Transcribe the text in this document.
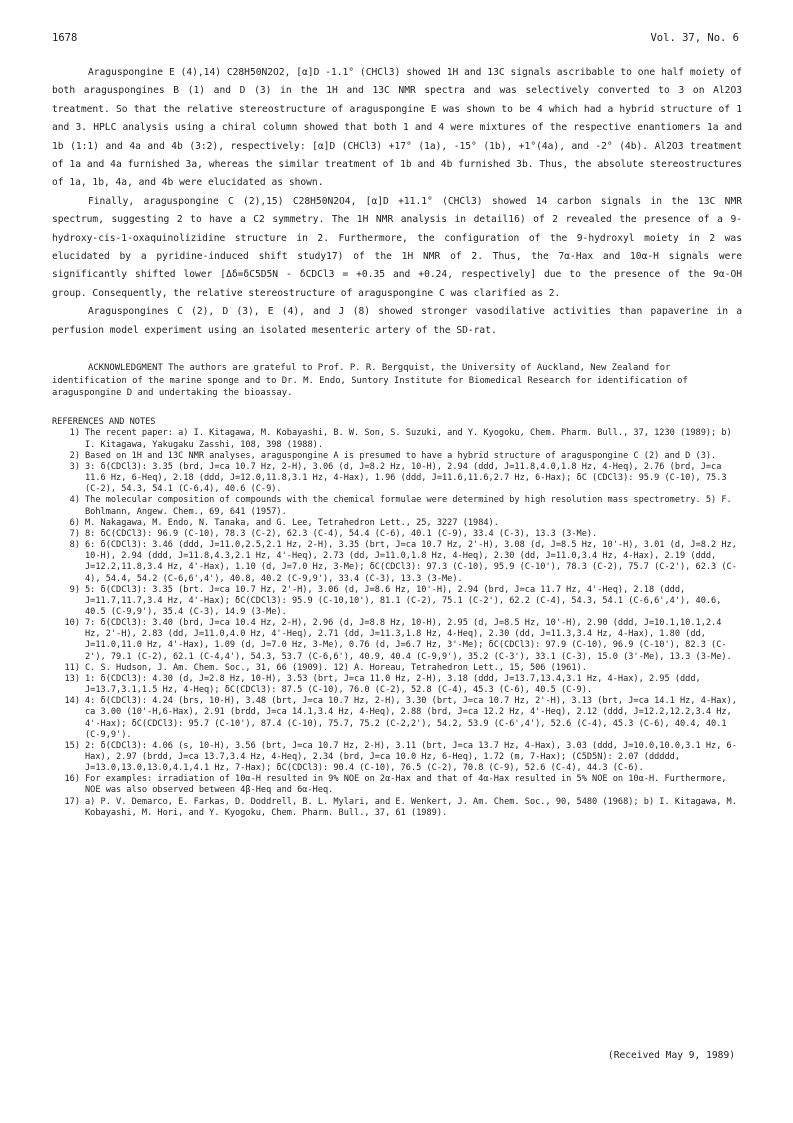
1678	Vol. 37, No. 6

Araguspongine E (4),14) C28H50N2O2, [α]D -1.1° (CHCl3) showed 1H and 13C signals ascribable to one half moiety of both araguspongines B (1) and D (3) in the 1H and 13C NMR spectra and was selectively converted to 3 on Al2O3 treatment. So that the relative stereostructure of araguspongine E was shown to be 4 which had a hybrid structure of 1 and 3. HPLC analysis using a chiral column showed that both 1 and 4 were mixtures of the respective enantiomers 1a and 1b (1:1) and 4a and 4b (3:2), respectively: [α]D (CHCl3) +17° (1a), -15° (1b), +1°(4a), and -2° (4b). Al2O3 treatment of 1a and 4a furnished 3a, whereas the similar treatment of 1b and 4b furnished 3b. Thus, the absolute stereostructures of 1a, 1b, 4a, and 4b were elucidated as shown.

Finally, araguspongine C (2),15) C28H50N2O4, [α]D +11.1° (CHCl3) showed 14 carbon signals in the 13C NMR spectrum, suggesting 2 to have a C2 symmetry. The 1H NMR analysis in detail16) of 2 revealed the presence of a 9-hydroxy-cis-1-oxaquinolizidine structure in 2. Furthermore, the configuration of the 9-hydroxyl moiety in 2 was elucidated by a pyridine-induced shift study17) of the 1H NMR of 2. Thus, the 7α-Hax and 10α-H signals were significantly shifted lower [Δδ=δC5D5N - δCDCl3 = +0.35 and +0.24, respectively] due to the presence of the 9α-OH group. Consequently, the relative stereostructure of araguspongine C was clarified as 2.

Araguspongines C (2), D (3), E (4), and J (8) showed stronger vasodilative activities than papaverine in a perfusion model experiment using an isolated mesenteric artery of the SD-rat.

ACKNOWLEDGMENT The authors are grateful to Prof. P. R. Bergquist, the University of Auckland, New Zealand for identification of the marine sponge and to Dr. M. Endo, Suntory Institute for Biomedical Research for identification of araguspongine D and undertaking the bioassay.
REFERENCES AND NOTES
1) The recent paper: a) I. Kitagawa, M. Kobayashi, B. W. Son, S. Suzuki, and Y. Kyogoku, Chem. Pharm. Bull., 37, 1230 (1989); b) I. Kitagawa, Yakugaku Zasshi, 108, 398 (1988).
2) Based on 1H and 13C NMR analyses, araguspongine A is presumed to have a hybrid structure of araguspongine C (2) and D (3).
3) 3: δ(CDCl3): 3.35 (brd, J=ca 10.7 Hz, 2-H), 3.06 (d, J=8.2 Hz, 10-H), 2.94 (ddd, J=11.8,4.0,1.8 Hz, 4-Heq), 2.76 (brd, J=ca 11.6 Hz, 6-Heq), 2.18 (ddd, J=12.0,11.8,3.1 Hz, 4-Hax), 1.96 (ddd, J=11.6,11.6,2.7 Hz, 6-Hax); δC (CDCl3): 95.9 (C-10), 75.3 (C-2), 54.3, 54.1 (C-6,4), 40.6 (C-9).
4) The molecular composition of compounds with the chemical formulae were determined by high resolution mass spectrometry. 5) F. Bohlmann, Angew. Chem., 69, 641 (1957).
6) M. Nakagawa, M. Endo, N. Tanaka, and G. Lee, Tetrahedron Lett., 25, 3227 (1984).
7) 8: δC(CDCl3): 96.9 (C-10), 78.3 (C-2), 62.3 (C-4), 54.4 (C-6), 40.1 (C-9), 33.4 (C-3), 13.3 (3-Me).
8) 6: δ(CDCl3): 3.46 (ddd, J=11.0,2.5,2.1 Hz, 2-H), 3.35 (brt, J=ca 10.7 Hz, 2'-H), 3.08 (d, J=8.5 Hz, 10'-H), 3.01 (d, J=8.2 Hz, 10-H), 2.94 (ddd, J=11.8,4.3,2.1 Hz, 4'-Heq), 2.73 (dd, J=11.0,1.8 Hz, 4-Heq), 2.30 (dd, J=11.0,3.4 Hz, 4-Hax), 2.19 (ddd, J=12.2,11.8,3.4 Hz, 4'-Hax), 1.10 (d, J=7.0 Hz, 3-Me); δC(CDCl3): 97.3 (C-10), 95.9 (C-10'), 78.3 (C-2), 75.7 (C-2'), 62.3 (C-4), 54.4, 54.2 (C-6,6',4'), 40.8, 40.2 (C-9,9'), 33.4 (C-3), 13.3 (3-Me).
9) 5: δ(CDCl3): 3.35 (brt. J=ca 10.7 Hz, 2'-H), 3.06 (d, J=8.6 Hz, 10'-H), 2.94 (brd, J=ca 11.7 Hz, 4'-Heq), 2.18 (ddd, J=11.7,11.7,3.4 Hz, 4'-Hax); δC(CDCl3): 95.9 (C-10,10'), 81.1 (C-2), 75.1 (C-2'), 62.2 (C-4), 54.3, 54.1 (C-6,6',4'), 40.6, 40.5 (C-9,9'), 35.4 (C-3), 14.9 (3-Me).
10) 7: δ(CDCl3): 3.40 (brd, J=ca 10.4 Hz, 2-H), 2.96 (d, J=8.8 Hz, 10-H), 2.95 (d, J=8.5 Hz, 10'-H), 2.90 (ddd, J=10.1,10.1,2.4 Hz, 2'-H), 2.83 (dd, J=11.0,4.0 Hz, 4'-Heq), 2.71 (dd, J=11.3,1.8 Hz, 4-Heq), 2.30 (dd, J=11.3,3.4 Hz, 4-Hax), 1.80 (dd, J=11.0,11.0 Hz, 4'-Hax), 1.09 (d, J=7.0 Hz, 3-Me), 0.76 (d, J=6.7 Hz, 3'-Me); δC(CDCl3): 97.9 (C-10), 96.9 (C-10'), 82.3 (C-2'), 79.1 (C-2), 62.1 (C-4,4'), 54.3, 53.7 (C-6,6'), 40.9, 40.4 (C-9,9'), 35.2 (C-3'), 33.1 (C-3), 15.0 (3'-Me), 13.3 (3-Me).
11) C. S. Hudson, J. Am. Chem. Soc., 31, 66 (1909). 12) A. Horeau, Tetrahedron Lett., 15, 506 (1961).
13) 1: δ(CDCl3): 4.30 (d, J=2.8 Hz, 10-H), 3.53 (brt, J=ca 11.0 Hz, 2-H), 3.18 (ddd, J=13.7,13.4,3.1 Hz, 4-Hax), 2.95 (ddd, J=13.7,3.1,1.5 Hz, 4-Heq); δC(CDCl3): 87.5 (C-10), 76.0 (C-2), 52.8 (C-4), 45.3 (C-6), 40.5 (C-9).
14) 4: δ(CDCl3): 4.24 (brs, 10-H), 3.48 (brt, J=ca 10.7 Hz, 2-H), 3.30 (brt, J=ca 10.7 Hz, 2'-H), 3.13 (brt, J=ca 14.1 Hz, 4-Hax), ca 3.00 (10'-H,6-Hax), 2.91 (brdd, J=ca 14.1,3.4 Hz, 4-Heq), 2.88 (brd, J=ca 12.2 Hz, 4'-Heq), 2.12 (ddd, J=12.2,12.2,3.4 Hz, 4'-Hax); δC(CDCl3): 95.7 (C-10'), 87.4 (C-10), 75.7, 75.2 (C-2,2'), 54.2, 53.9 (C-6',4'), 52.6 (C-4), 45.3 (C-6), 40.4, 40.1 (C-9,9').
15) 2: δ(CDCl3): 4.06 (s, 10-H), 3.56 (brt, J=ca 10.7 Hz, 2-H), 3.11 (brt, J=ca 13.7 Hz, 4-Hax), 3.03 (ddd, J=10.0,10.0,3.1 Hz, 6-Hax), 2.97 (brdd, J=ca 13.7,3.4 Hz, 4-Heq), 2.34 (brd, J=ca 10.0 Hz, 6-Heq), 1.72 (m, 7-Hax); (C5D5N): 2.07 (ddddd, J=13.0,13.0,13.0,4.1,4.1 Hz, 7-Hax); δC(CDCl3): 90.4 (C-10), 76.5 (C-2), 70.8 (C-9), 52.6 (C-4), 44.3 (C-6).
16) For examples: irradiation of 10α-H resulted in 9% NOE on 2α-Hax and that of 4α-Hax resulted in 5% NOE on 10α-H. Furthermore, NOE was also observed between 4β-Heq and 6α-Heq.
17) a) P. V. Demarco, E. Farkas, D. Doddrell, B. L. Mylari, and E. Wenkert, J. Am. Chem. Soc., 90, 5480 (1968); b) I. Kitagawa, M. Kobayashi, M. Hori, and Y. Kyogoku, Chem. Pharm. Bull., 37, 61 (1989).
(Received May 9, 1989)
